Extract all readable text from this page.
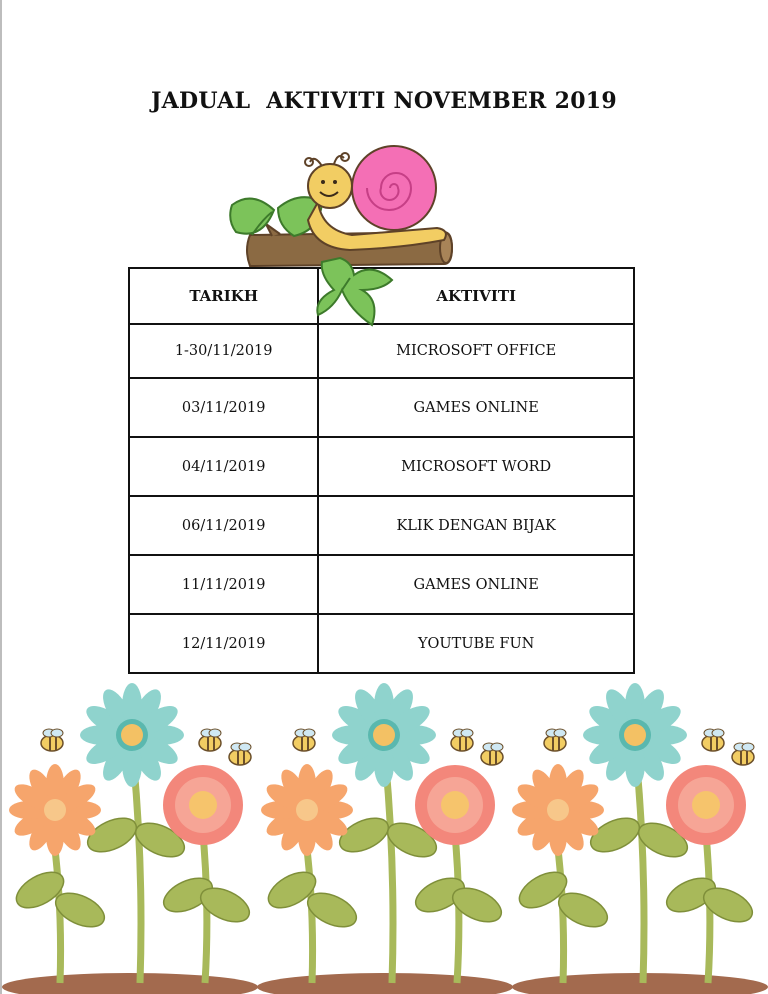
JADUAL  AKTIVITI NOVEMBER 2019
TARIKH	AKTIVITI
1-30/11/2019	MICROSOFT OFFICE
03/11/2019	GAMES ONLINE
04/11/2019	MICROSOFT WORD
06/11/2019	KLIK DENGAN BIJAK
11/11/2019	GAMES ONLINE
12/11/2019	YOUTUBE FUN
